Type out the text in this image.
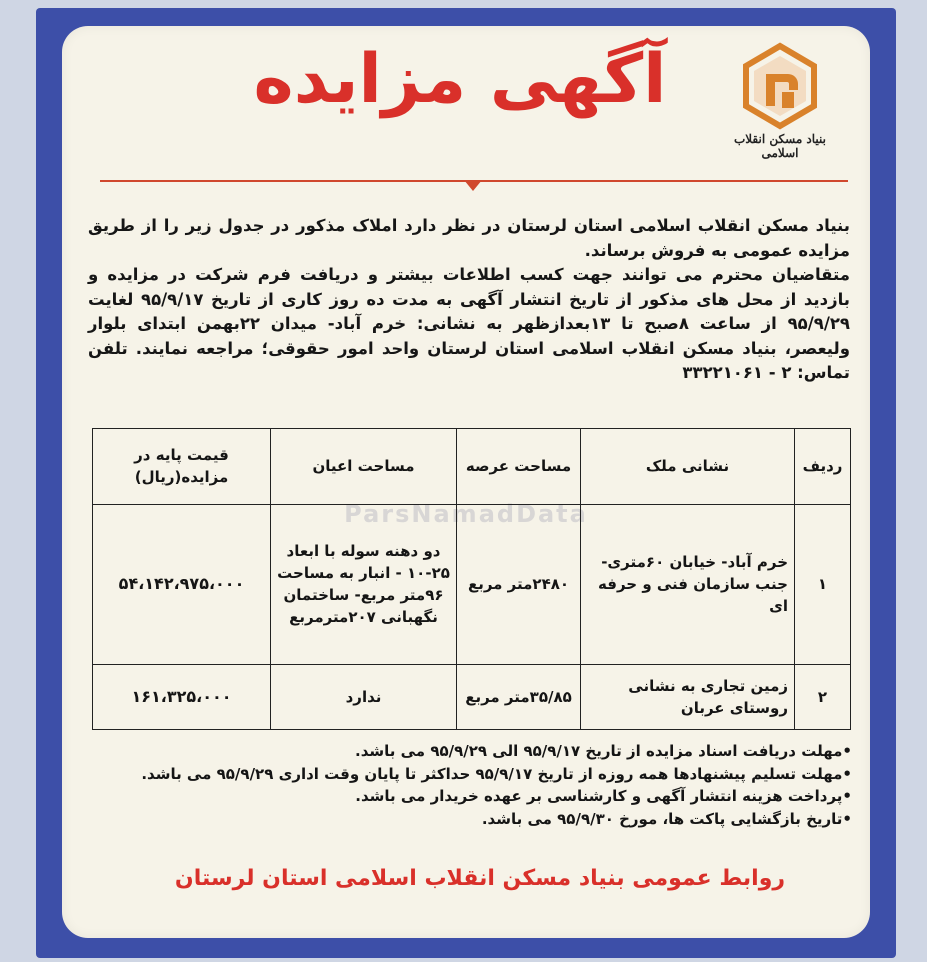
بنیاد مسکن انقلاب اسلامی
آگهی مزایده
ParsNamadData

بنیاد مسکن انقلاب اسلامی استان لرستان در نظر دارد املاک مذکور در جدول زیر را از طریق مزایده عمومی به فروش برساند.

متقاضیان محترم می توانند جهت کسب اطلاعات بیشتر و دریافت فرم شرکت در مزایده و بازدید از محل های مذکور از تاریخ انتشار آگهی به مدت ده روز کاری از تاریخ ۹۵/۹/۱۷ لغایت ۹۵/۹/۲۹ از ساعت ۸صبح تا ۱۳بعدازظهر به نشانی: خرم آباد- میدان ۲۲بهمن ابتدای بلوار ولیعصر، بنیاد مسکن انقلاب اسلامی استان لرستان واحد امور حقوقی؛ مراجعه نمایند. تلفن تماس: ۲ - ۳۳۲۲۱۰۶۱

ردیف	نشانی ملک	مساحت عرصه	مساحت اعیان	قیمت پایه در مزایده(ریال)
۱	خرم آباد- خیابان ۶۰متری- جنب سازمان فنی و حرفه ای	۲۴۸۰متر مربع	دو دهنه سوله با ابعاد ۲۵-۱۰ - انبار به مساحت ۹۶متر مربع- ساختمان نگهبانی ۲۰۷مترمربع	۵۴،۱۴۲،۹۷۵،۰۰۰
۲	زمین تجاری به نشانی روستای عربان	۳۵/۸۵متر مربع	ندارد	۱۶۱،۳۲۵،۰۰۰
•مهلت دریافت اسناد مزایده از تاریخ ۹۵/۹/۱۷ الی ۹۵/۹/۲۹ می باشد.
•مهلت تسلیم پیشنهادها همه روزه از تاریخ ۹۵/۹/۱۷ حداکثر تا پایان وقت اداری ۹۵/۹/۲۹ می باشد.
•پرداخت هزینه انتشار آگهی و کارشناسی بر عهده خریدار می باشد.
•تاریخ بازگشایی پاکت ها، مورخ ۹۵/۹/۳۰ می باشد.
روابط عمومی بنیاد مسکن انقلاب اسلامی استان لرستان
